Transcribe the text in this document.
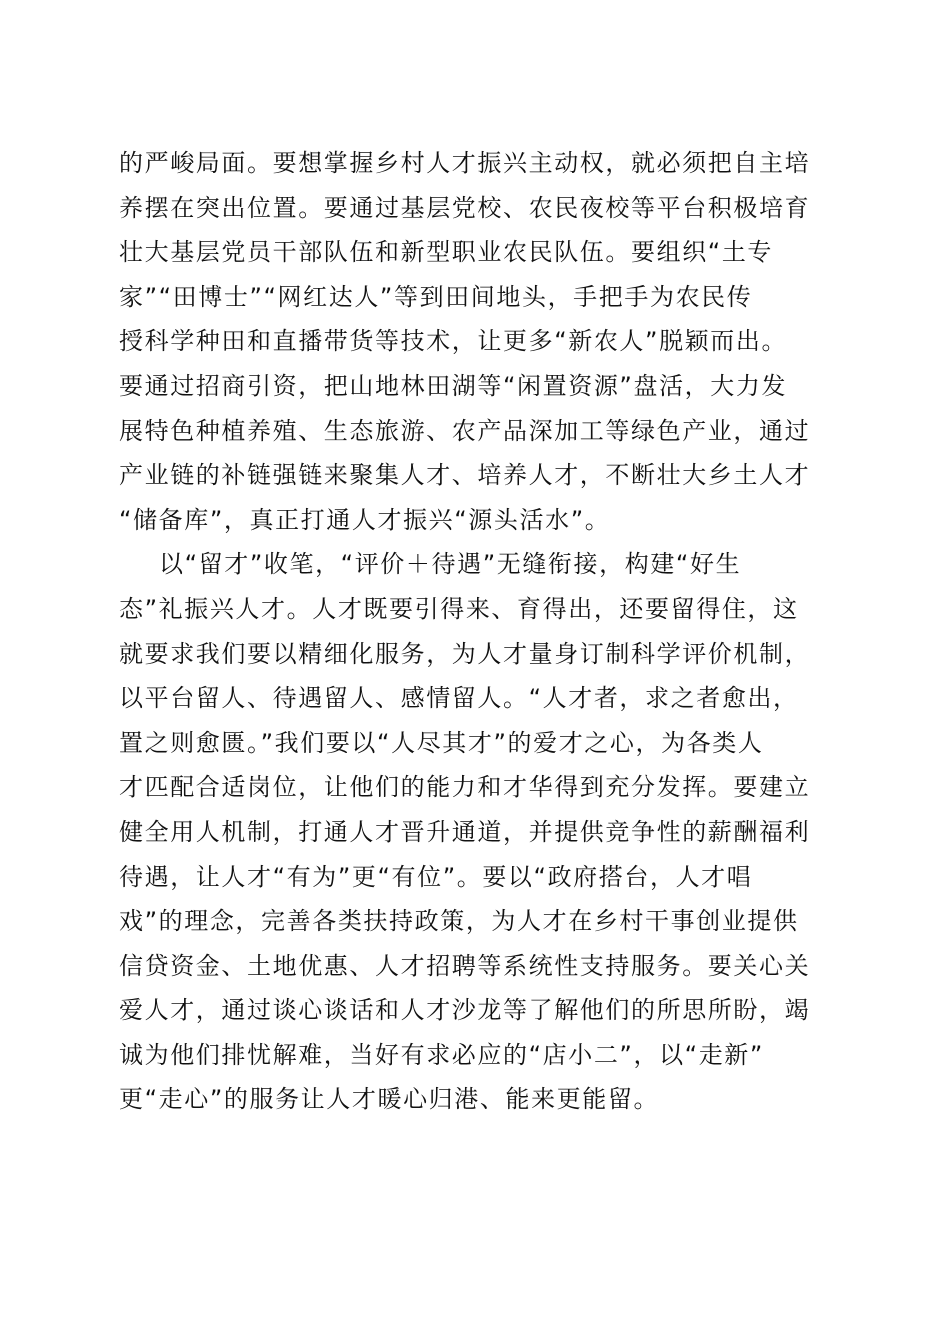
的严峻局面。要想掌握乡村人才振兴主动权，就必须把自主培
养摆在突出位置。要通过基层党校、农民夜校等平台积极培育
壮大基层党员干部队伍和新型职业农民队伍。要组织“土专
家”“田博士”“网红达人”等到田间地头，手把手为农民传
授科学种田和直播带货等技术，让更多“新农人”脱颖而出。
要通过招商引资，把山地林田湖等“闲置资源”盘活，大力发
展特色种植养殖、生态旅游、农产品深加工等绿色产业，通过
产业链的补链强链来聚集人才、培养人才，不断壮大乡土人才
“储备库”，真正打通人才振兴“源头活水”。
以“留才”收笔，“评价＋待遇”无缝衔接，构建“好生
态”礼振兴人才。人才既要引得来、育得出，还要留得住，这
就要求我们要以精细化服务，为人才量身订制科学评价机制，
以平台留人、待遇留人、感情留人。“人才者，求之者愈出，
置之则愈匮。”我们要以“人尽其才”的爱才之心，为各类人
才匹配合适岗位，让他们的能力和才华得到充分发挥。要建立
健全用人机制，打通人才晋升通道，并提供竞争性的薪酬福利
待遇，让人才“有为”更“有位”。要以“政府搭台，人才唱
戏”的理念，完善各类扶持政策，为人才在乡村干事创业提供
信贷资金、土地优惠、人才招聘等系统性支持服务。要关心关
爱人才，通过谈心谈话和人才沙龙等了解他们的所思所盼，竭
诚为他们排忧解难，当好有求必应的“店小二”，以“走新”
更“走心”的服务让人才暖心归港、能来更能留。
